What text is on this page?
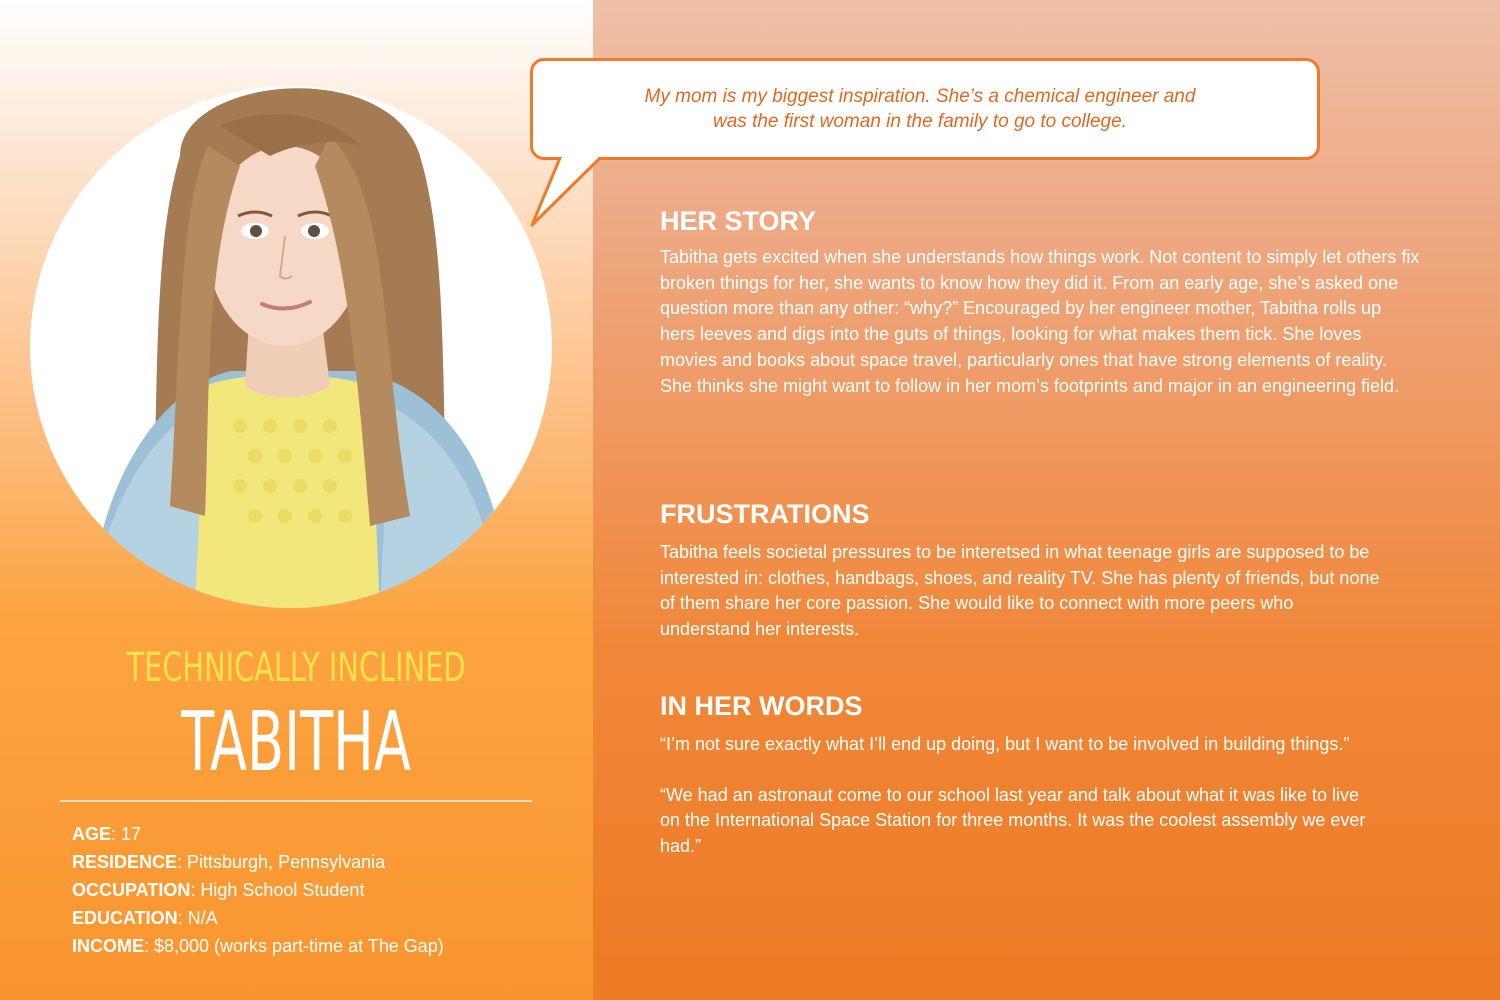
My mom is my biggest inspiration. She’s a chemical engineer and
was the first woman in the family to go to college.
TECHNICALLY INCLINED
TABITHA
AGE: 17
RESIDENCE: Pittsburgh, Pennsylvania
OCCUPATION: High School Student
EDUCATION: N/A
INCOME: $8,000 (works part-time at The Gap)
HER STORY

Tabitha gets excited when she understands how things work. Not content to simply let others fix broken things for her, she wants to know how they did it. From an early age, she’s asked one question more than any other: “why?” Encouraged by her engineer mother, Tabitha rolls up hers leeves and digs into the guts of things, looking for what makes them tick. She loves movies and books about space travel, particularly ones that have strong elements of reality. She thinks she might want to follow in her mom’s footprints and major in an engineering field.

FRUSTRATIONS

Tabitha feels societal pressures to be interetsed in what teenage girls are supposed to be interested in: clothes, handbags, shoes, and reality TV. She has plenty of friends, but none of them share her core passion. She would like to connect with more peers who understand her interests.

IN HER WORDS

“I’m not sure exactly what I’ll end up doing, but I want to be involved in building things.”

“We had an astronaut come to our school last year and talk about what it was like to live on the International Space Station for three months. It was the coolest assembly we ever had.”
